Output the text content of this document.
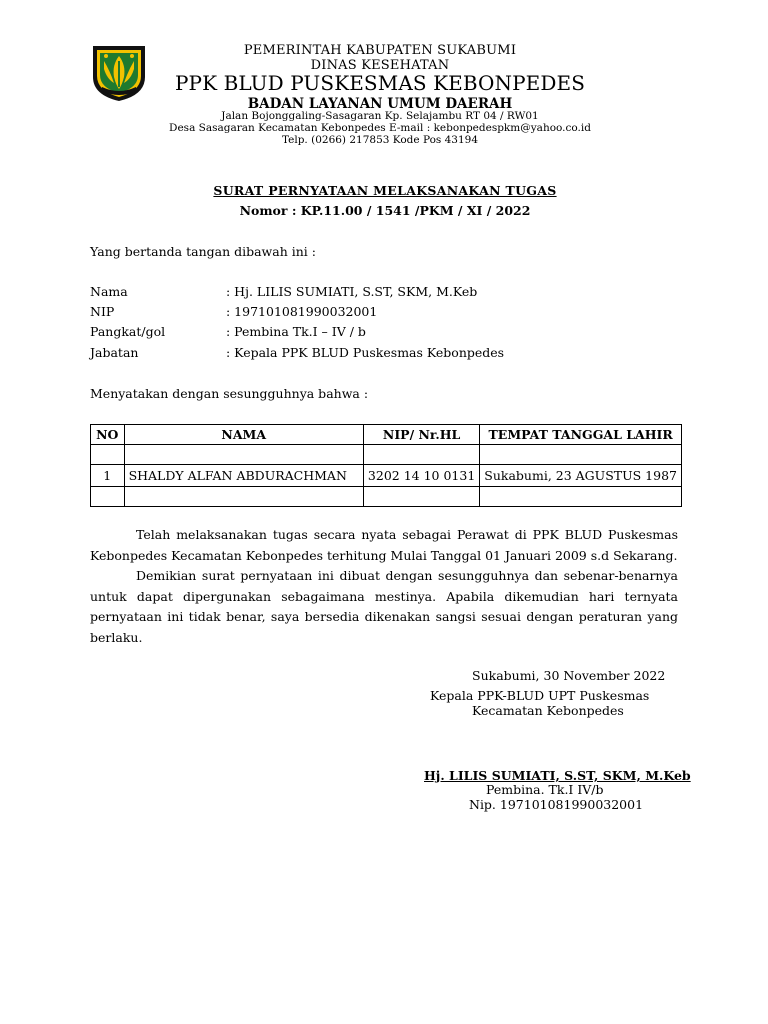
PEMERINTAH KABUPATEN SUKABUMI
DINAS KESEHATAN
PPK BLUD PUSKESMAS KEBONPEDES
BADAN LAYANAN UMUM DAERAH
Jalan Bojonggaling-Sasagaran Kp. Selajambu RT 04 / RW01
Desa Sasagaran Kecamatan Kebonpedes E-mail : kebonpedespkm@yahoo.co.id
Telp. (0266) 217853 Kode Pos 43194
SURAT PERNYATAAN MELAKSANAKAN TUGAS
Nomor : KP.11.00 / 1541 /PKM / XI / 2022
Yang bertanda tangan dibawah ini :
Nama	: Hj. LILIS SUMIATI, S.ST, SKM, M.Keb
NIP	: 197101081990032001
Pangkat/gol	: Pembina Tk.I – IV / b
Jabatan	: Kepala PPK BLUD Puskesmas Kebonpedes
Menyatakan dengan sesungguhnya bahwa :
NO	NAMA	NIP/ Nr.HL	TEMPAT TANGGAL LAHIR

1	SHALDY ALFAN ABDURACHMAN	3202 14 10 0131	Sukabumi, 23 AGUSTUS 1987

Telah melaksanakan tugas secara nyata sebagai Perawat di PPK BLUD Puskesmas Kebonpedes Kecamatan Kebonpedes terhitung Mulai Tanggal 01 Januari 2009 s.d Sekarang.
Demikian surat pernyataan ini dibuat dengan sesungguhnya dan sebenar-benarnya untuk dapat dipergunakan sebagaimana mestinya. Apabila dikemudian hari ternyata pernyataan ini tidak benar, saya bersedia dikenakan sangsi sesuai dengan peraturan yang berlaku.
Sukabumi, 30 November 2022
Kepala PPK-BLUD UPT Puskesmas
Kecamatan Kebonpedes
Hj. LILIS SUMIATI, S.ST, SKM, M.Keb
Pembina. Tk.I IV/b
Nip. 197101081990032001
